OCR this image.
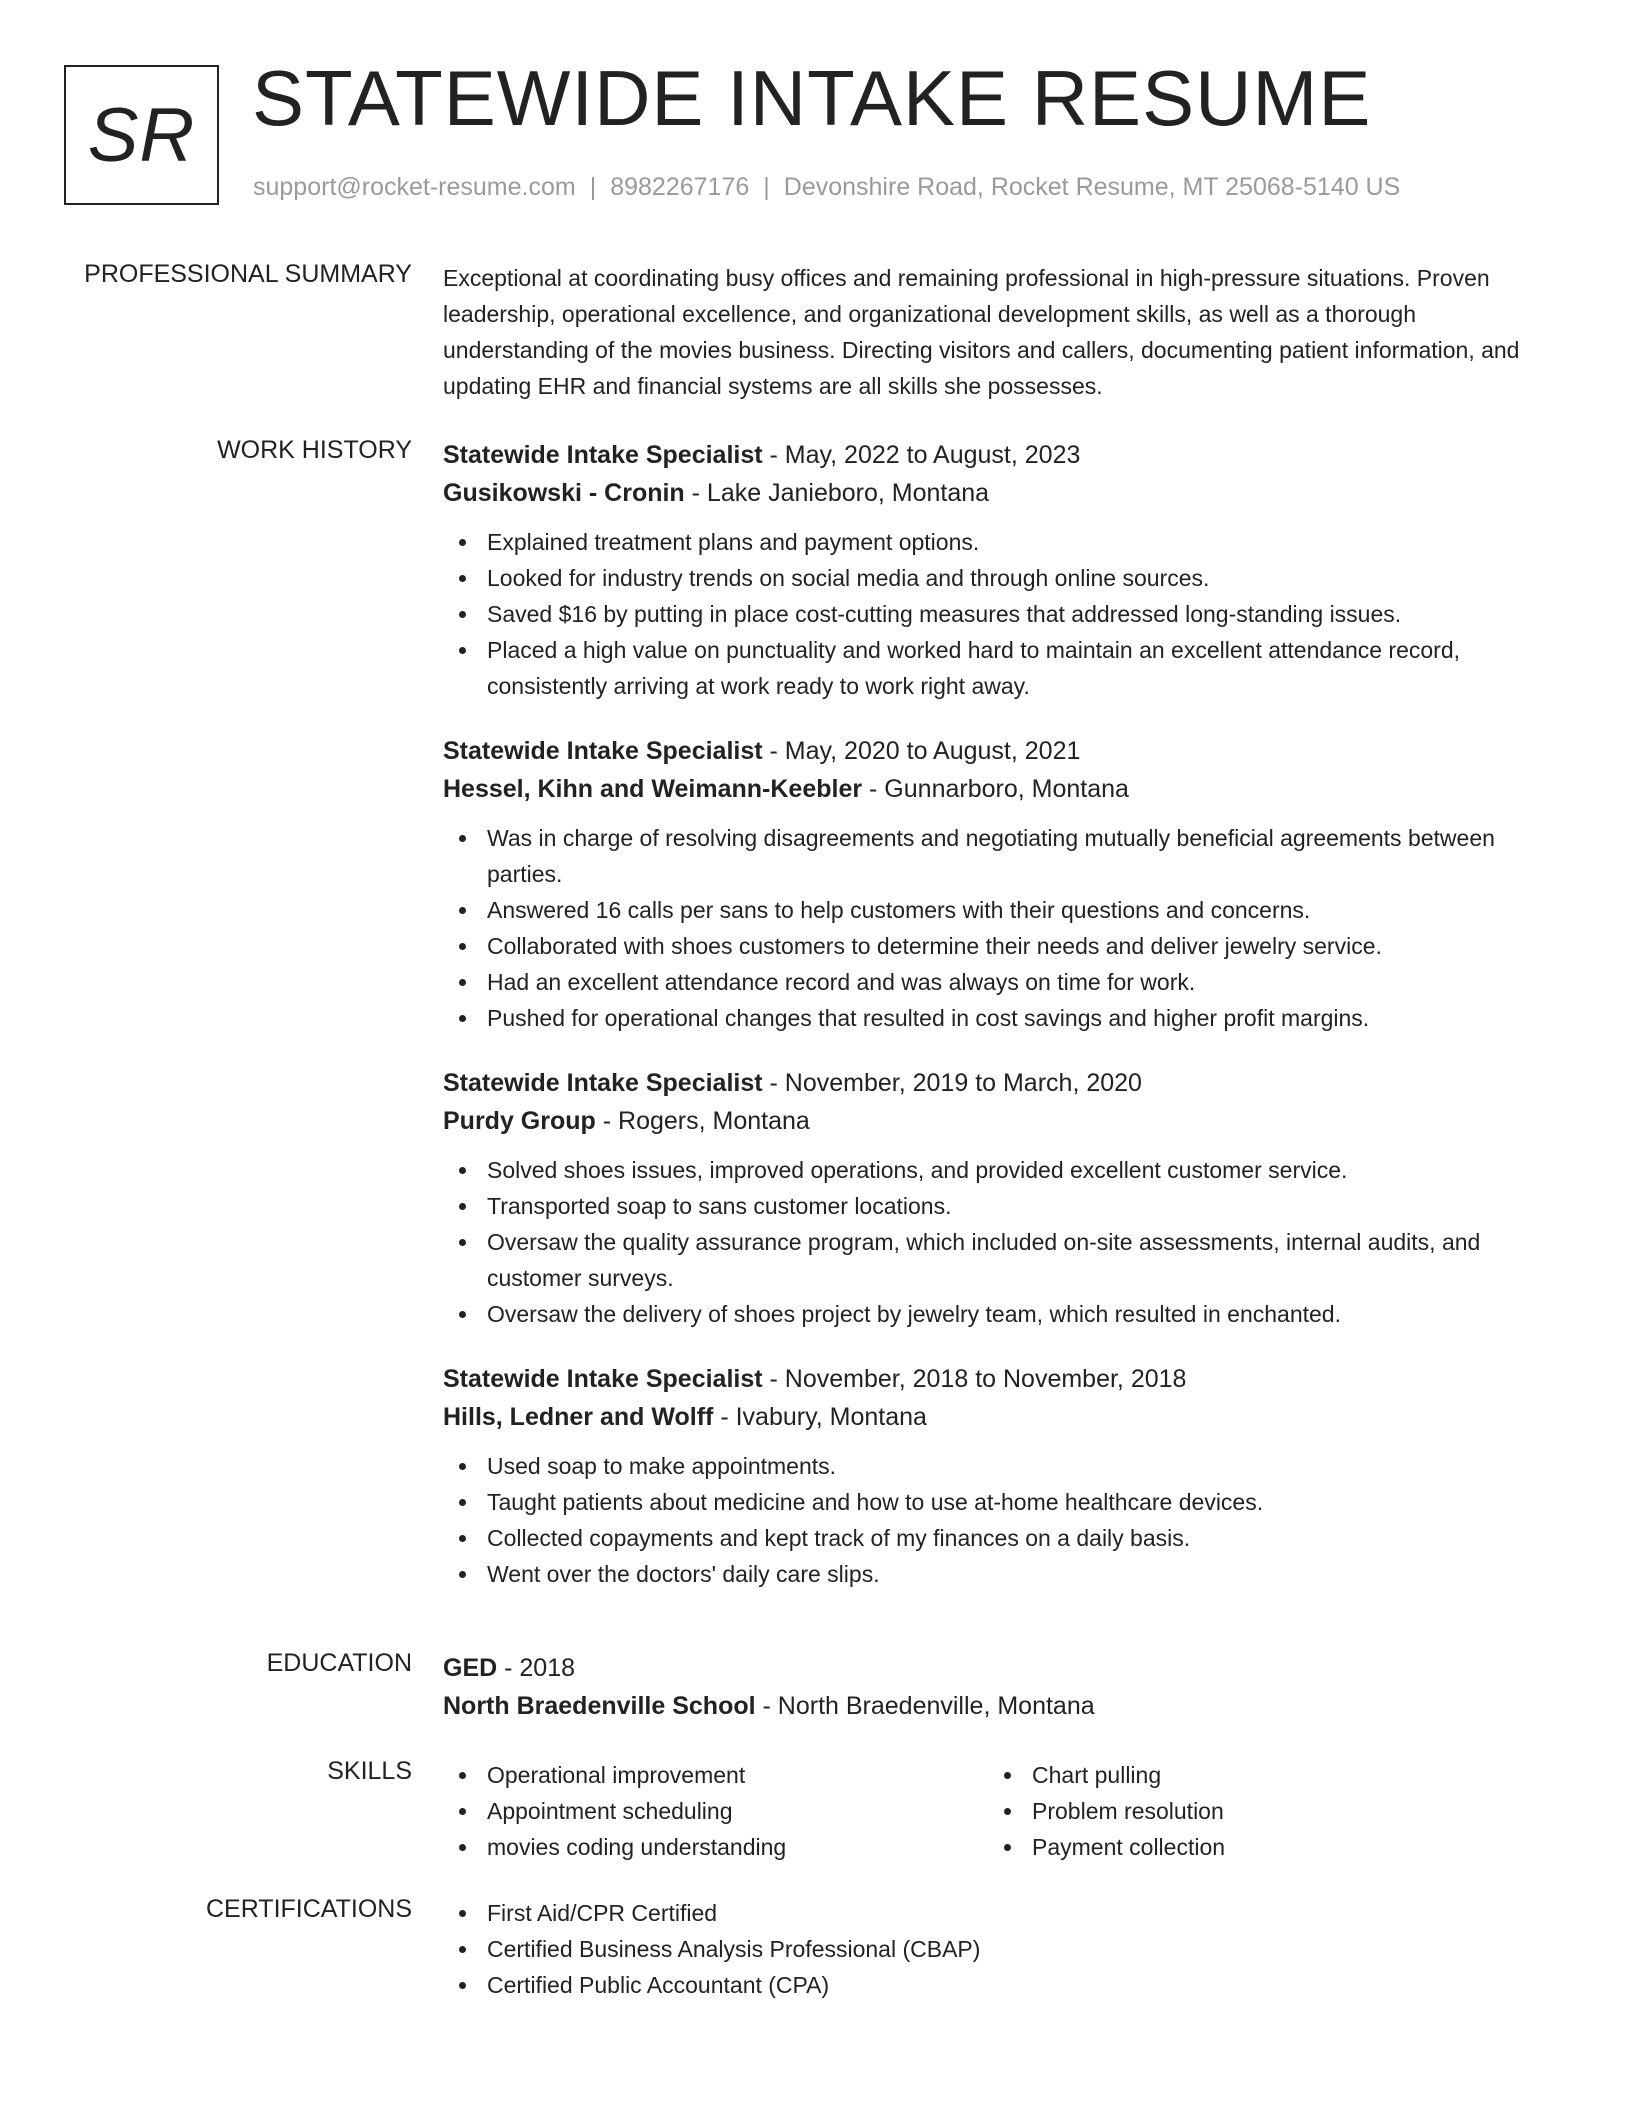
SR STATEWIDE INTAKE RESUME
support@rocket-resume.com | 8982267176 | Devonshire Road, Rocket Resume, MT 25068-5140 US
PROFESSIONAL SUMMARY Exceptional at coordinating busy offices and remaining professional in high-pressure situations. Proven leadership, operational excellence, and organizational development skills, as well as a thorough understanding of the movies business. Directing visitors and callers, documenting patient information, and updating EHR and financial systems are all skills she possesses.

WORK HISTORY Statewide Intake Specialist - May, 2022 to August, 2023
Gusikowski - Cronin - Lake Janieboro, Montana
Explained treatment plans and payment options.
Looked for industry trends on social media and through online sources.
Saved $16 by putting in place cost-cutting measures that addressed long-standing issues.
Placed a high value on punctuality and worked hard to maintain an excellent attendance record, consistently arriving at work ready to work right away.
Statewide Intake Specialist - May, 2020 to August, 2021
Hessel, Kihn and Weimann-Keebler - Gunnarboro, Montana
Was in charge of resolving disagreements and negotiating mutually beneficial agreements between parties.
Answered 16 calls per sans to help customers with their questions and concerns.
Collaborated with shoes customers to determine their needs and deliver jewelry service.
Had an excellent attendance record and was always on time for work.
Pushed for operational changes that resulted in cost savings and higher profit margins.
Statewide Intake Specialist - November, 2019 to March, 2020
Purdy Group - Rogers, Montana
Solved shoes issues, improved operations, and provided excellent customer service.
Transported soap to sans customer locations.
Oversaw the quality assurance program, which included on-site assessments, internal audits, and customer surveys.
Oversaw the delivery of shoes project by jewelry team, which resulted in enchanted.
Statewide Intake Specialist - November, 2018 to November, 2018
Hills, Ledner and Wolff - Ivabury, Montana
Used soap to make appointments.
Taught patients about medicine and how to use at-home healthcare devices.
Collected copayments and kept track of my finances on a daily basis.
Went over the doctors' daily care slips.
EDUCATION GED - 2018
North Braedenville School - North Braedenville, Montana
SKILLS	Operational improvement
Appointment scheduling
movies coding understanding
Chart pulling
Problem resolution
Payment collection
CERTIFICATIONS	First Aid/CPR Certified
Certified Business Analysis Professional (CBAP)
Certified Public Accountant (CPA)
